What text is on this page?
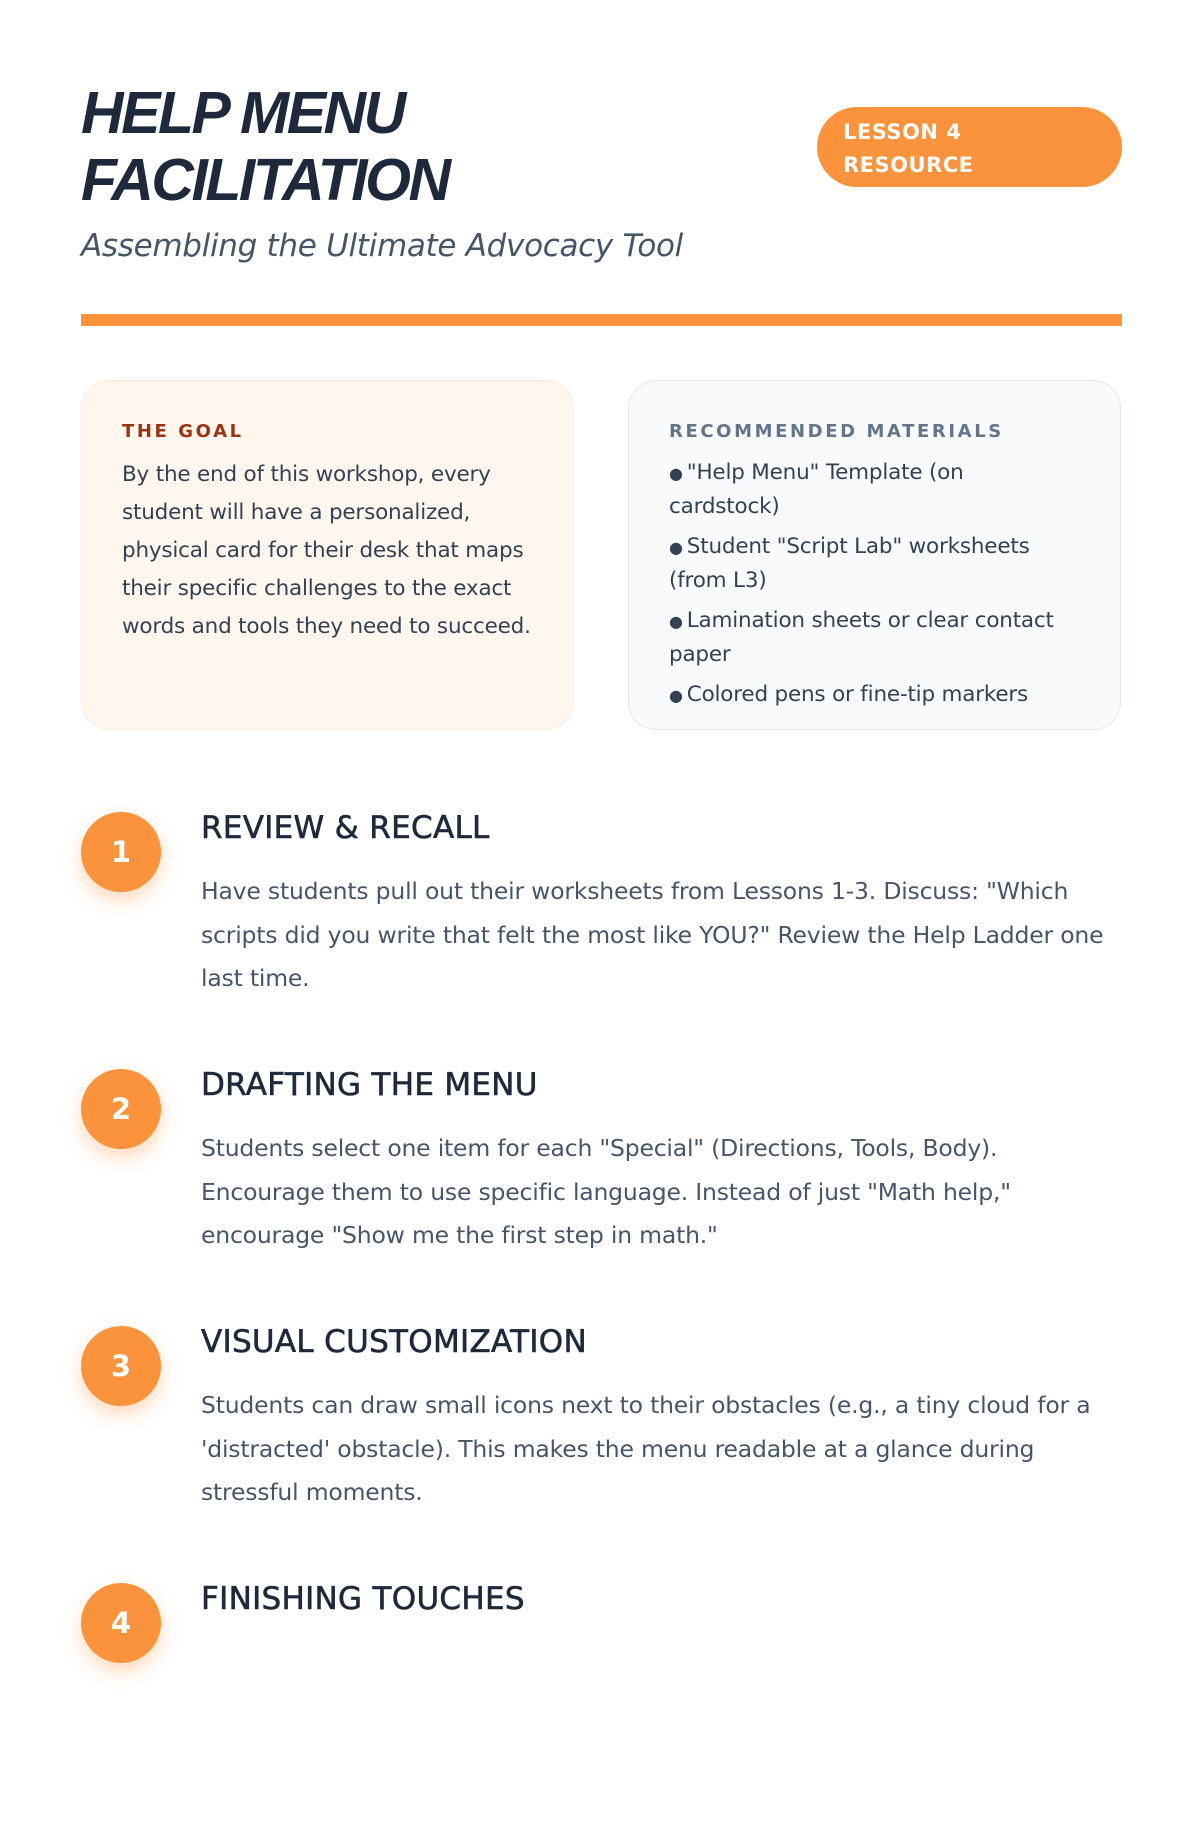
HELP MENU
FACILITATION

Assembling the Ultimate Advocacy Tool

LESSON 4
RESOURCE

THE GOAL

By the end of this workshop, every student will have a personalized, physical card for their desk that maps their specific challenges to the exact words and tools they need to succeed.

RECOMMENDED MATERIALS

● "Help Menu" Template (on cardstock)
● Student "Script Lab" worksheets (from L3)
● Lamination sheets or clear contact paper
● Colored pens or fine-tip markers
1
REVIEW & RECALL

Have students pull out their worksheets from Lessons 1-3. Discuss: "Which scripts did you write that felt the most like YOU?" Review the Help Ladder one last time.

2
DRAFTING THE MENU

Students select one item for each "Special" (Directions, Tools, Body). Encourage them to use specific language. Instead of just "Math help," encourage "Show me the first step in math."

3
VISUAL CUSTOMIZATION

Students can draw small icons next to their obstacles (e.g., a tiny cloud for a 'distracted' obstacle). This makes the menu readable at a glance during stressful moments.

4
FINISHING TOUCHES
